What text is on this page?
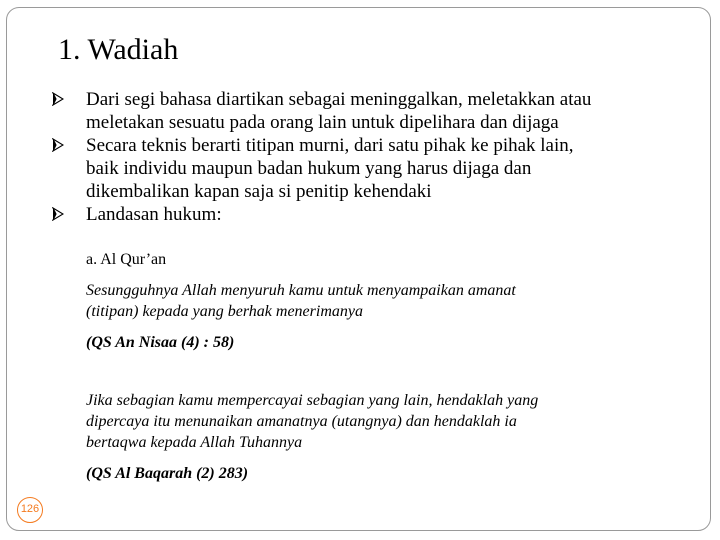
1. Wadiah
Dari segi bahasa diartikan sebagai meninggalkan, meletakkan atau
meletakan sesuatu pada orang lain untuk dipelihara dan dijaga
Secara teknis berarti titipan murni, dari satu pihak ke pihak lain,
baik individu maupun badan hukum yang harus dijaga dan
dikembalikan kapan saja si penitip kehendaki
Landasan hukum:

a. Al Qur’an

Sesungguhnya Allah menyuruh kamu untuk menyampaikan amanat
(titipan) kepada yang berhak menerimanya

(QS An Nisaa (4) : 58)

Jika sebagian kamu mempercayai sebagian yang lain, hendaklah yang
dipercaya itu menunaikan amanatnya (utangnya) dan hendaklah ia
bertaqwa kepada Allah Tuhannya

(QS Al Baqarah (2) 283)

126
